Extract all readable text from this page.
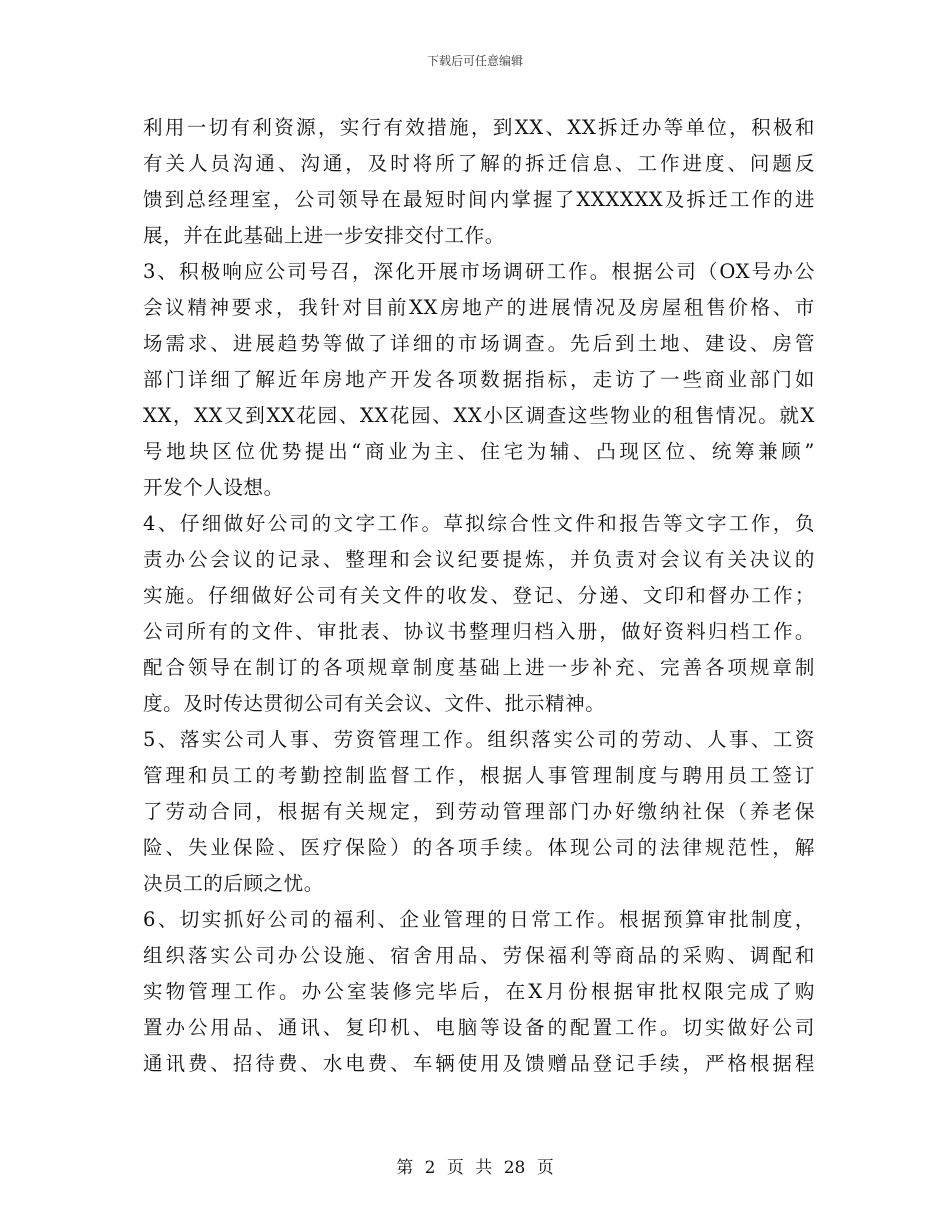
下载后可任意编辑
利用一切有利资源，实行有效措施，到XX、XX拆迁办等单位，积极和
有关人员沟通、沟通，及时将所了解的拆迁信息、工作进度、问题反
馈到总经理室，公司领导在最短时间内掌握了XXXXXX及拆迁工作的进
展，并在此基础上进一步安排交付工作。
3、积极响应公司号召，深化开展市场调研工作。根据公司（OX号办公
会议精神要求，我针对目前XX房地产的进展情况及房屋租售价格、市
场需求、进展趋势等做了详细的市场调查。先后到土地、建设、房管
部门详细了解近年房地产开发各项数据指标，走访了一些商业部门如
XX，XX又到XX花园、XX花园、XX小区调查这些物业的租售情况。就X
号地块区位优势提出“商业为主、住宅为辅、凸现区位、统筹兼顾”
开发个人设想。
4、仔细做好公司的文字工作。草拟综合性文件和报告等文字工作，负
责办公会议的记录、整理和会议纪要提炼，并负责对会议有关决议的
实施。仔细做好公司有关文件的收发、登记、分递、文印和督办工作；
公司所有的文件、审批表、协议书整理归档入册，做好资料归档工作。
配合领导在制订的各项规章制度基础上进一步补充、完善各项规章制
度。及时传达贯彻公司有关会议、文件、批示精神。
5、落实公司人事、劳资管理工作。组织落实公司的劳动、人事、工资
管理和员工的考勤控制监督工作，根据人事管理制度与聘用员工签订
了劳动合同，根据有关规定，到劳动管理部门办好缴纳社保（养老保
险、失业保险、医疗保险）的各项手续。体现公司的法律规范性，解
决员工的后顾之忧。
6、切实抓好公司的福利、企业管理的日常工作。根据预算审批制度，
组织落实公司办公设施、宿舍用品、劳保福利等商品的采购、调配和
实物管理工作。办公室装修完毕后，在X月份根据审批权限完成了购
置办公用品、通讯、复印机、电脑等设备的配置工作。切实做好公司
通讯费、招待费、水电费、车辆使用及馈赠品登记手续，严格根据程
第 2 页 共 28 页
